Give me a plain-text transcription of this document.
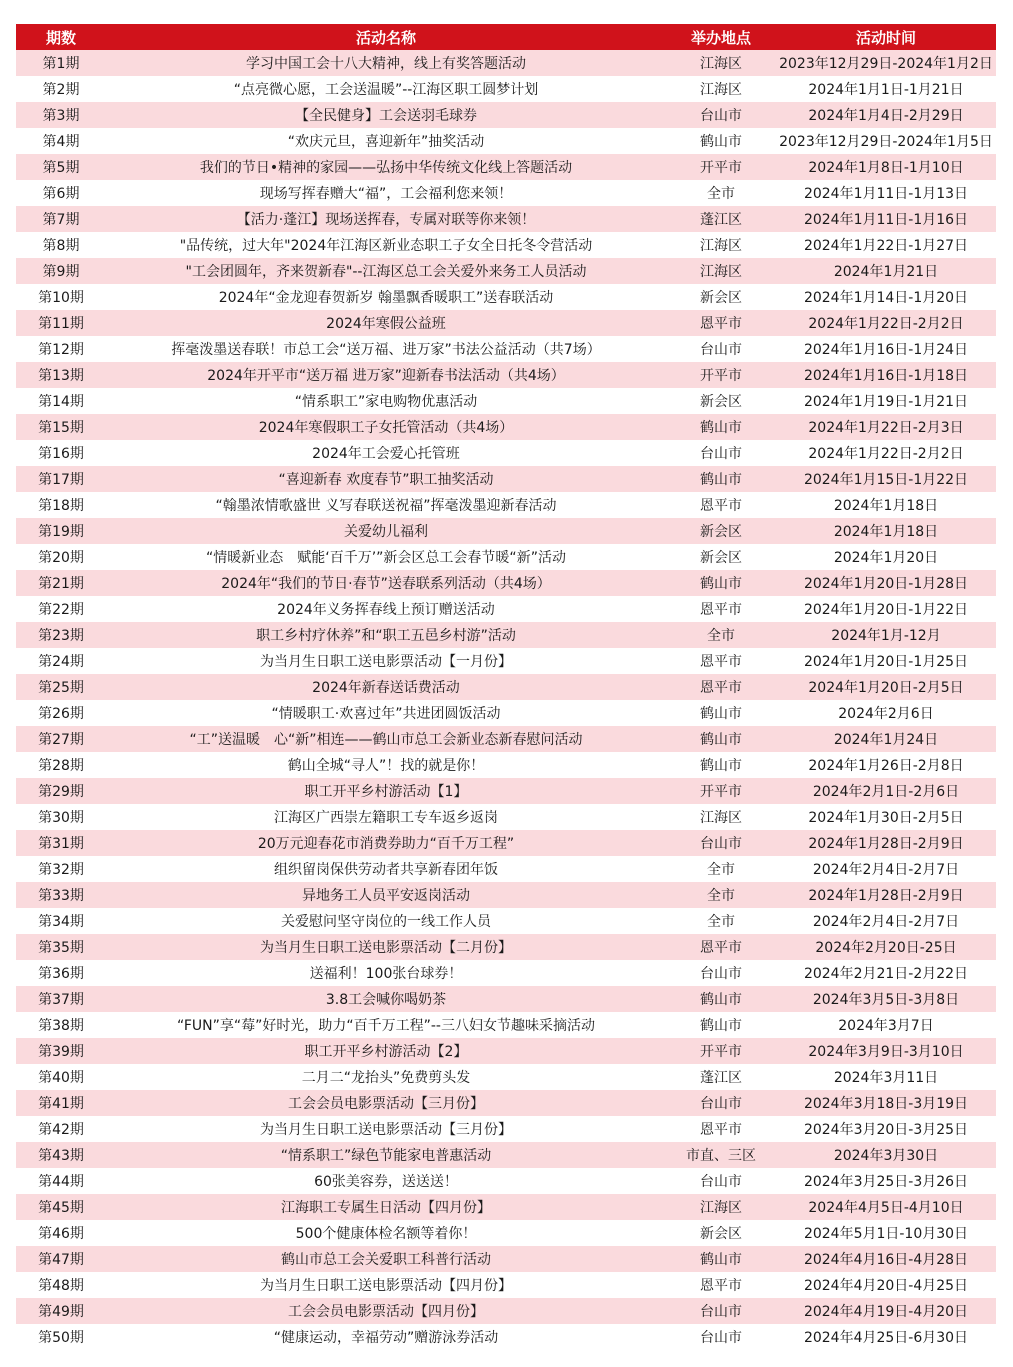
期数	活动名称	举办地点	活动时间
第1期	学习中国工会十八大精神，线上有奖答题活动	江海区	2023年12月29日-2024年1月2日
第2期	“点亮微心愿，工会送温暖”--江海区职工圆梦计划	江海区	2024年1月1日-1月21日
第3期	【全民健身】工会送羽毛球券	台山市	2024年1月4日-2月29日
第4期	“欢庆元旦，喜迎新年”抽奖活动	鹤山市	2023年12月29日-2024年1月5日
第5期	我们的节日•精神的家园——弘扬中华传统文化线上答题活动	开平市	2024年1月8日-1月10日
第6期	现场写挥春赠大“福”，工会福利您来领！	全市	2024年1月11日-1月13日
第7期	【活力·蓬江】现场送挥春，专属对联等你来领！	蓬江区	2024年1月11日-1月16日
第8期	"品传统，过大年"2024年江海区新业态职工子女全日托冬令营活动	江海区	2024年1月22日-1月27日
第9期	"工会团圆年，齐来贺新春"--江海区总工会关爱外来务工人员活动	江海区	2024年1月21日
第10期	2024年“金龙迎春贺新岁 翰墨飘香暖职工”送春联活动	新会区	2024年1月14日-1月20日
第11期	2024年寒假公益班	恩平市	2024年1月22日-2月2日
第12期	挥毫泼墨送春联！市总工会“送万福、进万家”书法公益活动（共7场）	台山市	2024年1月16日-1月24日
第13期	2024年开平市“送万福 进万家”迎新春书法活动（共4场）	开平市	2024年1月16日-1月18日
第14期	“情系职工”家电购物优惠活动	新会区	2024年1月19日-1月21日
第15期	2024年寒假职工子女托管活动（共4场）	鹤山市	2024年1月22日-2月3日
第16期	2024年工会爱心托管班	台山市	2024年1月22日-2月2日
第17期	“喜迎新春 欢度春节”职工抽奖活动	鹤山市	2024年1月15日-1月22日
第18期	“翰墨浓情歌盛世 义写春联送祝福”挥毫泼墨迎新春活动	恩平市	2024年1月18日
第19期	关爱幼儿福利	新会区	2024年1月18日
第20期	“情暖新业态　赋能‘百千万’”新会区总工会春节暖“新”活动	新会区	2024年1月20日
第21期	2024年“我们的节日·春节”送春联系列活动（共4场）	鹤山市	2024年1月20日-1月28日
第22期	2024年义务挥春线上预订赠送活动	恩平市	2024年1月20日-1月22日
第23期	职工乡村疗休养”和“职工五邑乡村游”活动	全市	2024年1月-12月
第24期	为当月生日职工送电影票活动【一月份】	恩平市	2024年1月20日-1月25日
第25期	2024年新春送话费活动	恩平市	2024年1月20日-2月5日
第26期	“情暖职工·欢喜过年”共进团圆饭活动	鹤山市	2024年2月6日
第27期	“工”送温暖　心“新”相连——鹤山市总工会新业态新春慰问活动	鹤山市	2024年1月24日
第28期	鹤山全城“寻人”！找的就是你！	鹤山市	2024年1月26日-2月8日
第29期	职工开平乡村游活动【1】	开平市	2024年2月1日-2月6日
第30期	江海区广西崇左籍职工专车返乡返岗	江海区	2024年1月30日-2月5日
第31期	20万元迎春花市消费券助力“百千万工程”	台山市	2024年1月28日-2月9日
第32期	组织留岗保供劳动者共享新春团年饭	全市	2024年2月4日-2月7日
第33期	异地务工人员平安返岗活动	全市	2024年1月28日-2月9日
第34期	关爱慰问坚守岗位的一线工作人员	全市	2024年2月4日-2月7日
第35期	为当月生日职工送电影票活动【二月份】	恩平市	2024年2月20日-25日
第36期	送福利！100张台球券！	台山市	2024年2月21日-2月22日
第37期	3.8工会喊你喝奶茶	鹤山市	2024年3月5日-3月8日
第38期	“FUN”享“莓”好时光，助力“百千万工程”--三八妇女节趣味采摘活动	鹤山市	2024年3月7日
第39期	职工开平乡村游活动【2】	开平市	2024年3月9日-3月10日
第40期	二月二“龙抬头”免费剪头发	蓬江区	2024年3月11日
第41期	工会会员电影票活动【三月份】	台山市	2024年3月18日-3月19日
第42期	为当月生日职工送电影票活动【三月份】	恩平市	2024年3月20日-3月25日
第43期	“情系职工”绿色节能家电普惠活动	市直、三区	2024年3月30日
第44期	60张美容券，送送送！	台山市	2024年3月25日-3月26日
第45期	江海职工专属生日活动【四月份】	江海区	2024年4月5日-4月10日
第46期	500个健康体检名额等着你！	新会区	2024年5月1日-10月30日
第47期	鹤山市总工会关爱职工科普行活动	鹤山市	2024年4月16日-4月28日
第48期	为当月生日职工送电影票活动【四月份】	恩平市	2024年4月20日-4月25日
第49期	工会会员电影票活动【四月份】	台山市	2024年4月19日-4月20日
第50期	“健康运动，幸福劳动”赠游泳券活动	台山市	2024年4月25日-6月30日
